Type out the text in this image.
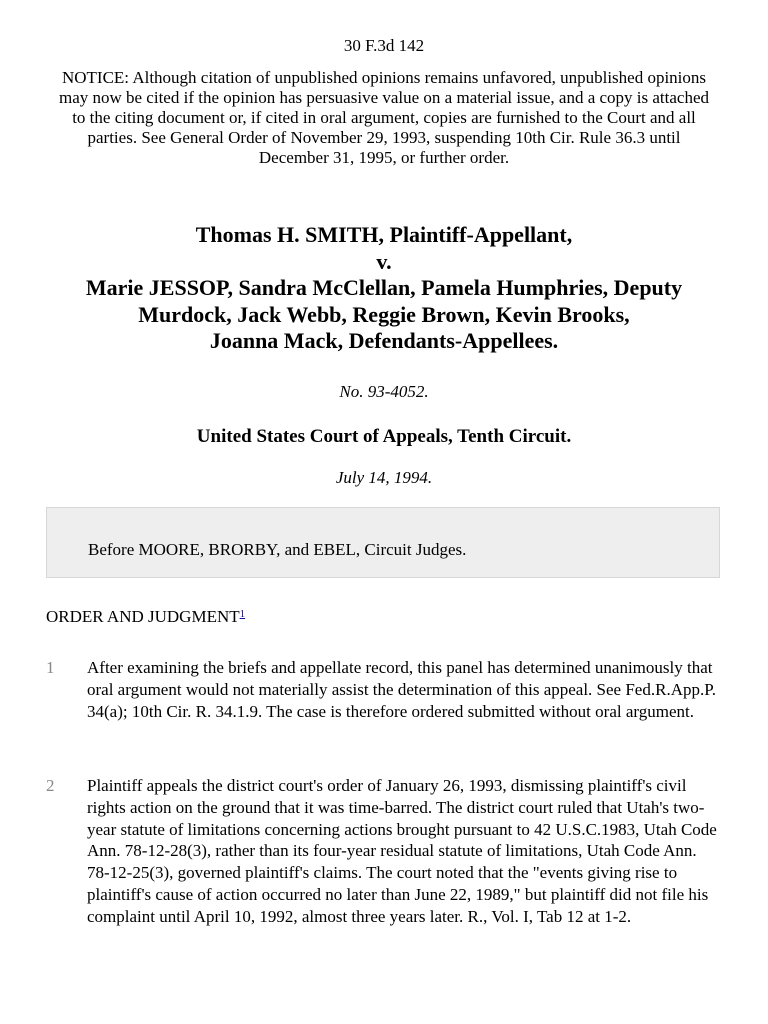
30 F.3d 142
NOTICE: Although citation of unpublished opinions remains unfavored, unpublished opinions may now be cited if the opinion has persuasive value on a material issue, and a copy is attached to the citing document or, if cited in oral argument, copies are furnished to the Court and all parties. See General Order of November 29, 1993, suspending 10th Cir. Rule 36.3 until December 31, 1995, or further order.
Thomas H. SMITH, Plaintiff-Appellant,
v.
Marie JESSOP, Sandra McClellan, Pamela Humphries, Deputy
Murdock, Jack Webb, Reggie Brown, Kevin Brooks,
Joanna Mack, Defendants-Appellees.
No. 93-4052.
United States Court of Appeals, Tenth Circuit.
July 14, 1994.
Before MOORE, BRORBY, and EBEL, Circuit Judges.
ORDER AND JUDGMENT$^1$
1 After examining the briefs and appellate record, this panel has determined unanimously that oral argument would not materially assist the determination of this appeal. See Fed.R.App.P. 34(a); 10th Cir. R. 34.1.9. The case is therefore ordered submitted without oral argument.
2 Plaintiff appeals the district court's order of January 26, 1993, dismissing plaintiff's civil rights action on the ground that it was time-barred. The district court ruled that Utah's two-year statute of limitations concerning actions brought pursuant to 42 U.S.C.1983, Utah Code Ann. 78-12-28(3), rather than its four-year residual statute of limitations, Utah Code Ann. 78-12-25(3), governed plaintiff's claims. The court noted that the "events giving rise to plaintiff's cause of action occurred no later than June 22, 1989," but plaintiff did not file his complaint until April 10, 1992, almost three years later. R., Vol. I, Tab 12 at 1-2.
